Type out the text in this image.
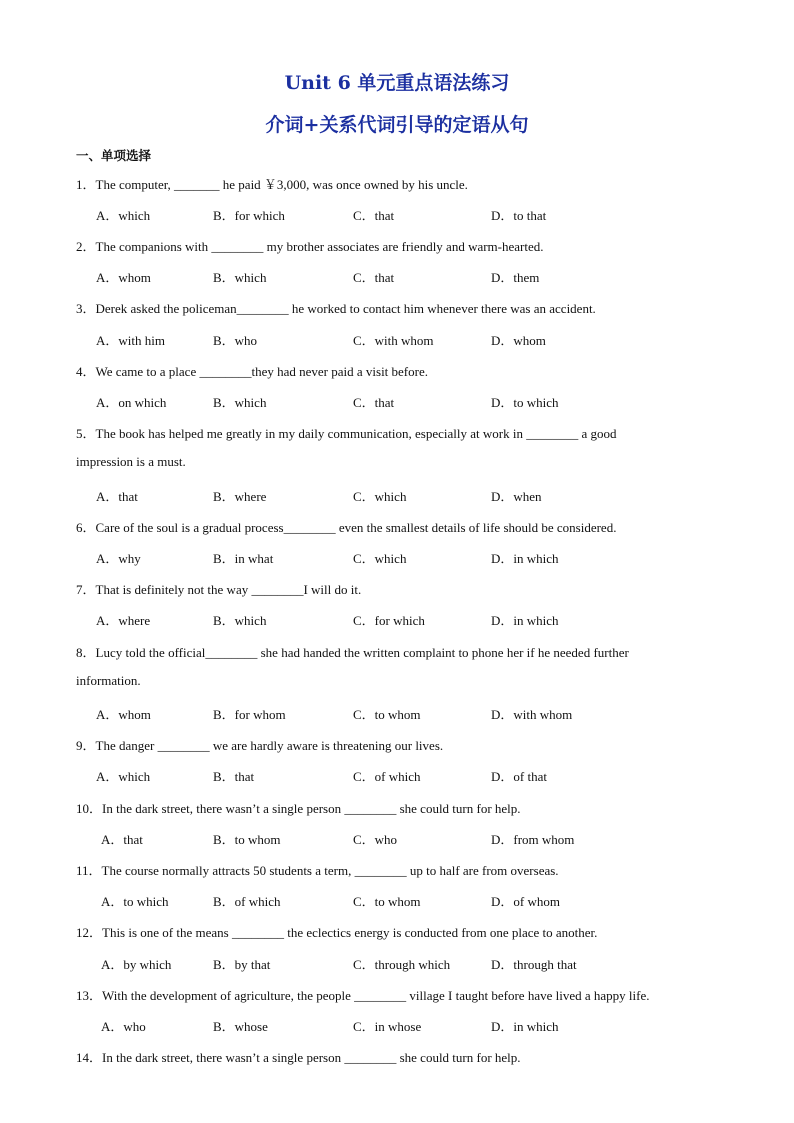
Unit 6 单元重点语法练习
介词+关系代词引导的定语从句
一、单项选择
1．The computer, _______ he paid ￥3,000, was once owned by his uncle.
A．which	B．for which	C．that	D．to that
2．The companions with ________ my brother associates are friendly and warm-hearted.
A．whom	B．which	C．that	D．them
3．Derek asked the policeman________ he worked to contact him whenever there was an accident.
A．with him	B．who	C．with whom	D．whom
4．We came to a place ________they had never paid a visit before.
A．on which	B．which	C．that	D．to which
5．The book has helped me greatly in my daily communication, especially at work in ________ a good
impression is a must.
A．that	B．where	C．which	D．when
6．Care of the soul is a gradual process________ even the smallest details of life should be considered.
A．why	B．in what	C．which	D．in which
7．That is definitely not the way ________I will do it.
A．where	B．which	C．for which	D．in which
8．Lucy told the official________ she had handed the written complaint to phone her if he needed further
information.
A．whom	B．for whom	C．to whom	D．with whom
9．The danger ________ we are hardly aware is threatening our lives.
A．which	B．that	C．of which	D．of that
10．In the dark street, there wasn’t a single person ________ she could turn for help.
A．that	B．to whom	C．who	D．from whom
11．The course normally attracts 50 students a term, ________ up to half are from overseas.
A．to which	B．of which	C．to whom	D．of whom
12．This is one of the means ________ the eclectics energy is conducted from one place to another.
A．by which	B．by that	C．through which	D．through that
13．With the development of agriculture, the people ________ village I taught before have lived a happy life.
A．who	B．whose	C．in whose	D．in which
14．In the dark street, there wasn’t a single person ________ she could turn for help.
